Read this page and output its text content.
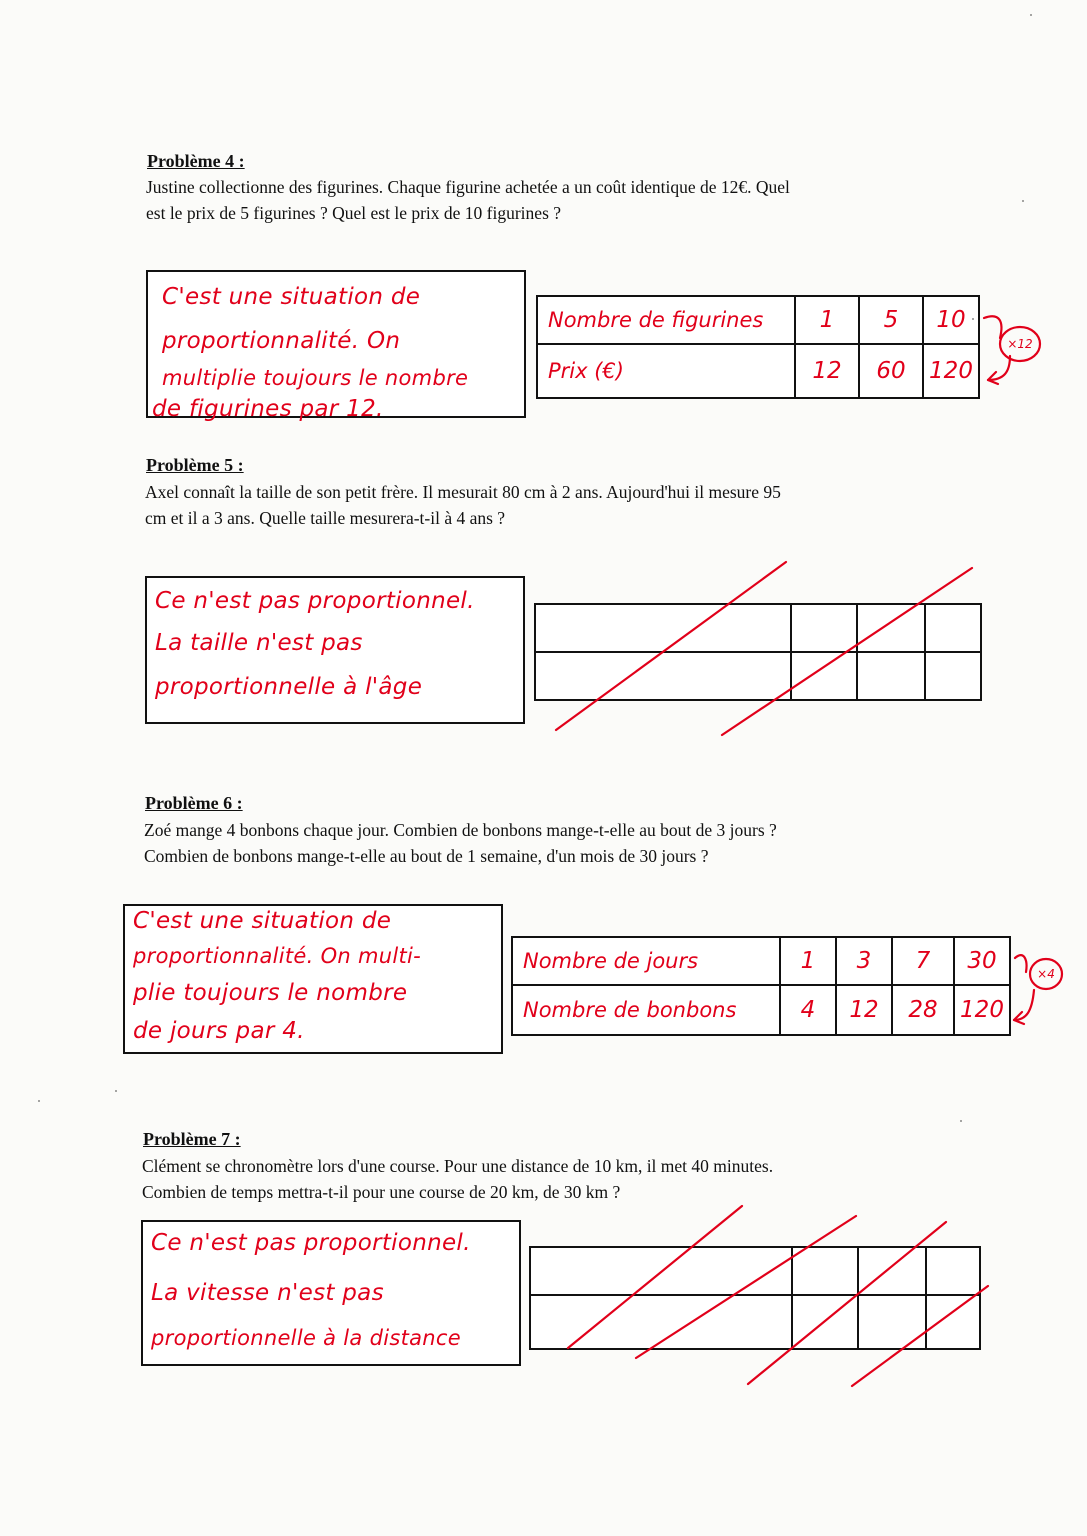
Problème 4 :
Justine collectionne des figurines. Chaque figurine achetée a un coût identique de 12€. Quel
est le prix de 5 figurines ? Quel est le prix de 10 figurines ?
C'est une situation de
proportionnalité. On
multiplie toujours le nombre
de figurines par 12.
Nombre de figurines	1	5	10
Prix (€)	12	60	120
Problème 5 :
Axel connaît la taille de son petit frère. Il mesurait 80 cm à 2 ans. Aujourd'hui il mesure 95
cm et il a 3 ans. Quelle taille mesurera-t-il à 4 ans ?
Ce n'est pas proportionnel.
La taille n'est pas
proportionnelle à l'âge

Problème 6 :
Zoé mange 4 bonbons chaque jour. Combien de bonbons mange-t-elle au bout de 3 jours ?
Combien de bonbons mange-t-elle au bout de 1 semaine, d'un mois de 30 jours ?
C'est une situation de
proportionnalité. On multi-
plie toujours le nombre
de jours par 4.
Nombre de jours	1	3	7	30
Nombre de bonbons	4	12	28	120
Problème 7 :
Clément se chronomètre lors d'une course. Pour une distance de 10 km, il met 40 minutes.
Combien de temps mettra-t-il pour une course de 20 km, de 30 km ?
Ce n'est pas proportionnel.
La vitesse n'est pas
proportionnelle à la distance

×12
×4
